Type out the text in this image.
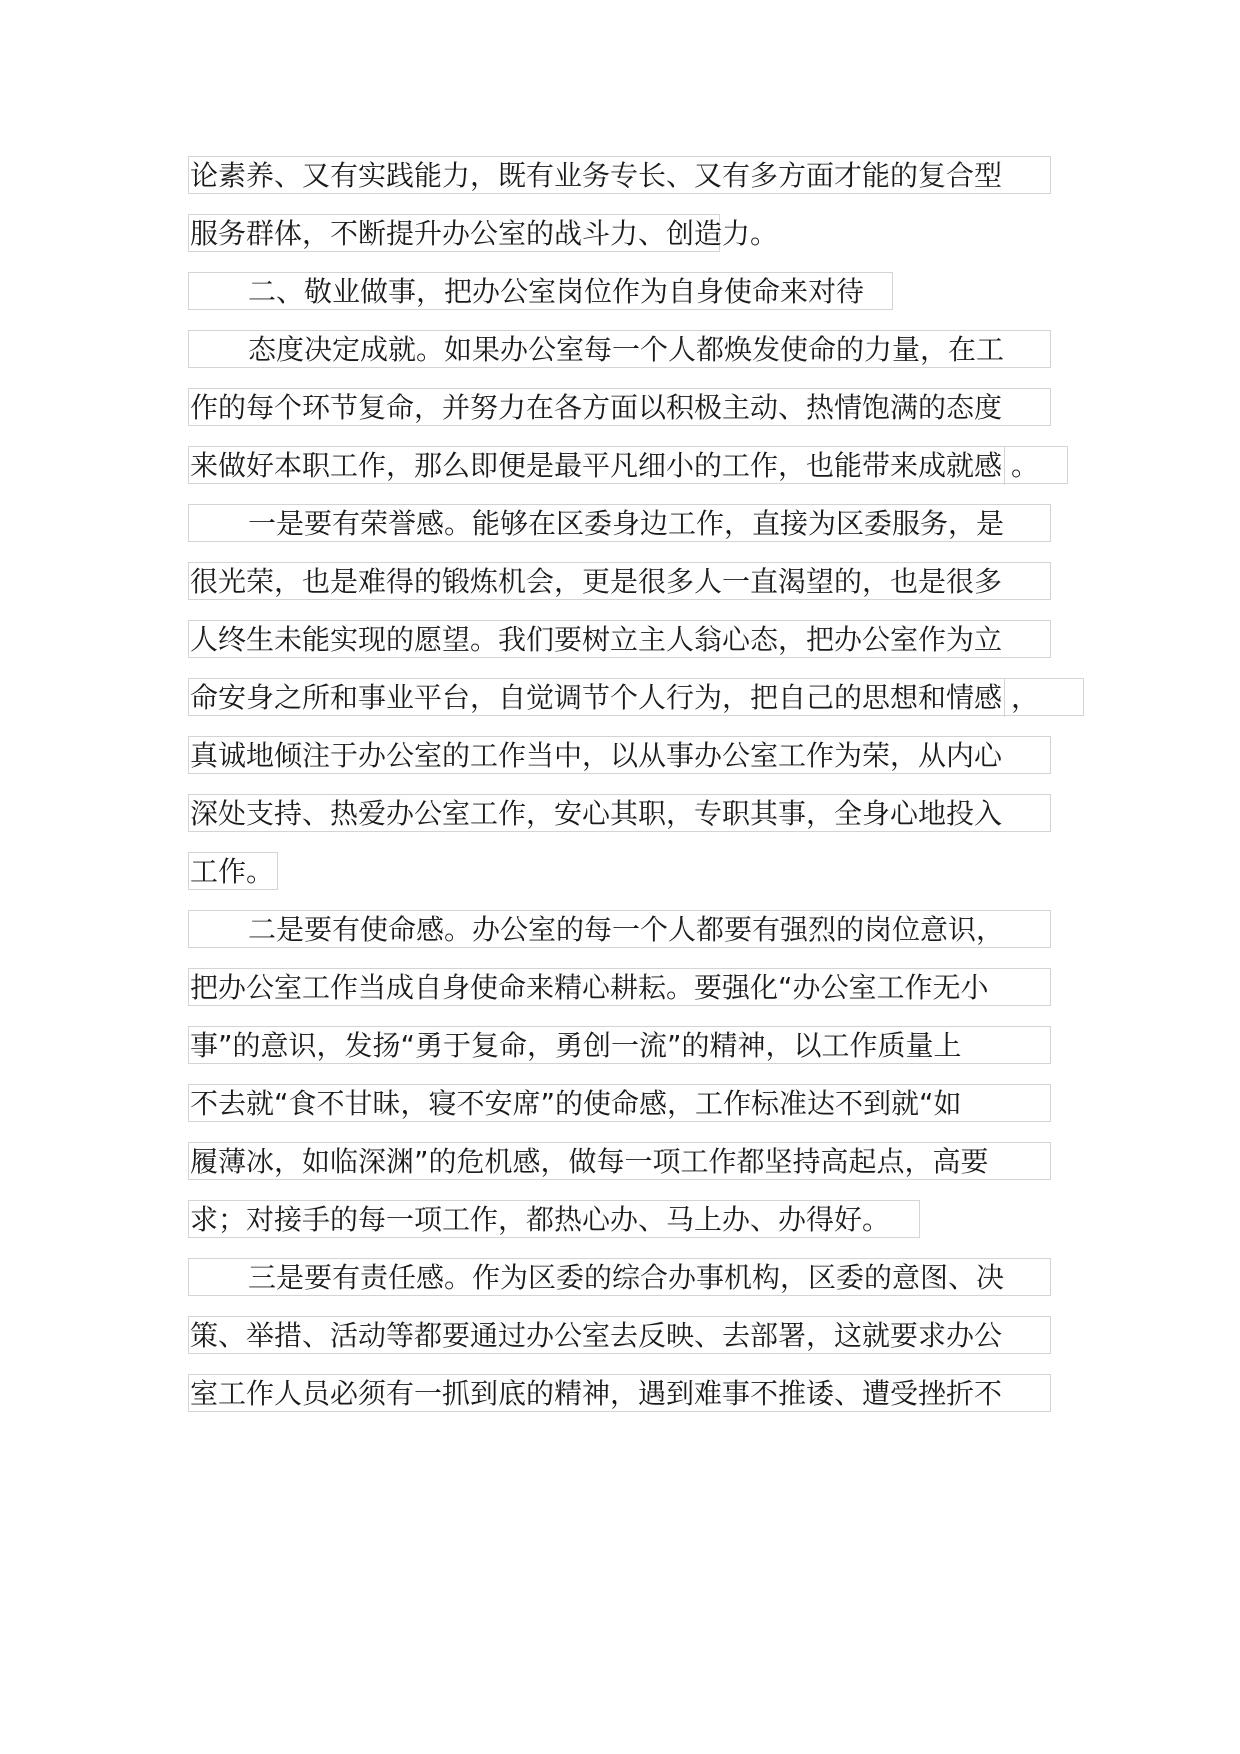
论素养、又有实践能力，既有业务专长、又有多方面才能的复合型
服务群体，不断提升办公室的战斗力、创造力。
二、敬业做事，把办公室岗位作为自身使命来对待
态度决定成就。如果办公室每一个人都焕发使命的力量，在工
作的每个环节复命，并努力在各方面以积极主动、热情饱满的态度
来做好本职工作，那么即便是最平凡细小的工作，也能带来成就感 。
一是要有荣誉感。能够在区委身边工作，直接为区委服务，是
很光荣，也是难得的锻炼机会，更是很多人一直渴望的，也是很多
人终生未能实现的愿望。我们要树立主人翁心态，把办公室作为立
命安身之所和事业平台，自觉调节个人行为，把自己的思想和情感 ，
真诚地倾注于办公室的工作当中，以从事办公室工作为荣，从内心
深处支持、热爱办公室工作，安心其职，专职其事，全身心地投入
工作。
二是要有使命感。办公室的每一个人都要有强烈的岗位意识，
把办公室工作当成自身使命来精心耕耘。要强化“办公室工作无小
事”的意识，发扬“勇于复命，勇创一流”的精神，以工作质量上
不去就“食不甘昧，寝不安席”的使命感，工作标准达不到就“如
履薄冰，如临深渊”的危机感，做每一项工作都坚持高起点，高要
求；对接手的每一项工作，都热心办、马上办、办得好。
三是要有责任感。作为区委的综合办事机构，区委的意图、决
策、举措、活动等都要通过办公室去反映、去部署，这就要求办公
室工作人员必须有一抓到底的精神，遇到难事不推诿、遭受挫折不
